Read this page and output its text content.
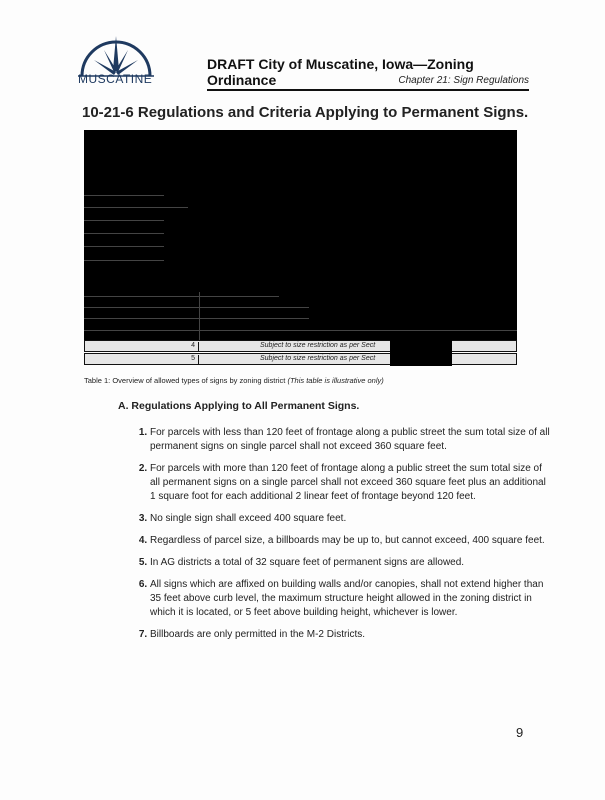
MUSCATINE
DRAFT City of Muscatine, Iowa—Zoning Ordinance	Chapter 21: Sign Regulations
10-21-6 Regulations and Criteria Applying to Permanent Signs.
4	Subject to size restriction as per Sect
5	Subject to size restriction as per Sect
Table 1: Overview of allowed types of signs by zoning district (This table is illustrative only)
A. Regulations Applying to All Permanent Signs.
1. For parcels with less than 120 feet of frontage along a public street the sum total size of all permanent signs on single parcel shall not exceed 360 square feet.
2. For parcels with more than 120 feet of frontage along a public street the sum total size of all permanent signs on a single parcel shall not exceed 360 square feet plus an additional 1 square foot for each additional 2 linear feet of frontage beyond 120 feet.
3. No single sign shall exceed 400 square feet.
4. Regardless of parcel size, a billboards may be up to, but cannot exceed, 400 square feet.
5. In AG districts a total of 32 square feet of permanent signs are allowed.
6. All signs which are affixed on building walls and/or canopies, shall not extend higher than 35 feet above curb level, the maximum structure height allowed in the zoning district in which it is located, or 5 feet above building height, whichever is lower.
7. Billboards are only permitted in the M-2 Districts.
9
